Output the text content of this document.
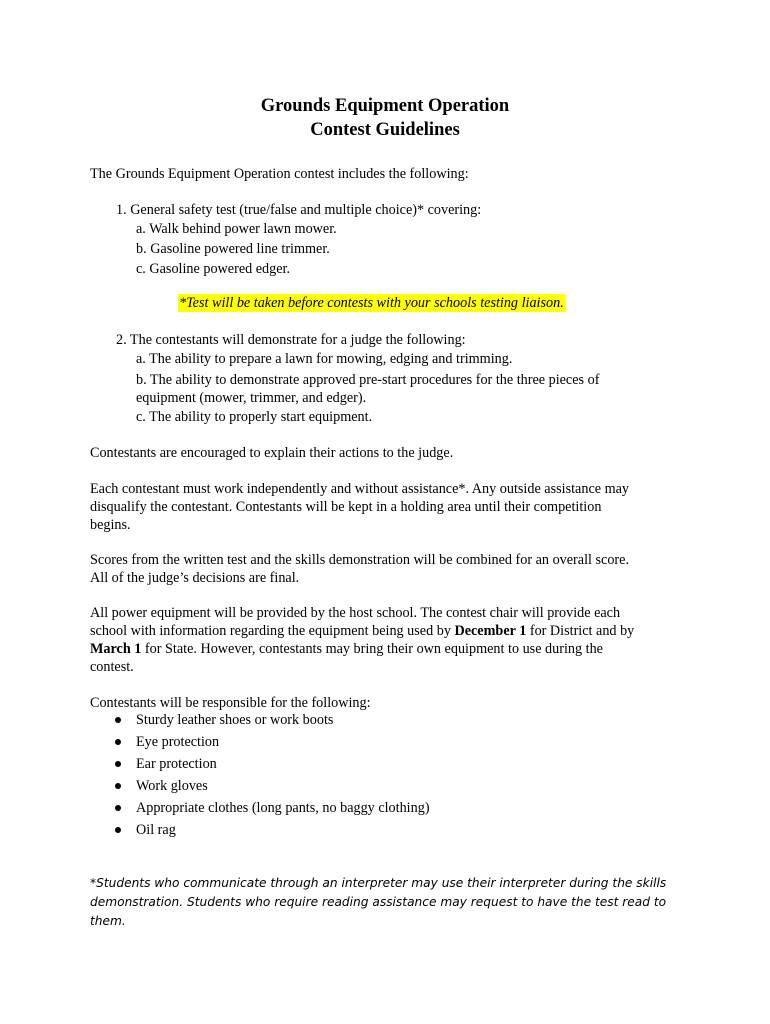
Grounds Equipment Operation
Contest Guidelines
The Grounds Equipment Operation contest includes the following:
1. General safety test (true/false and multiple choice)* covering:
a. Walk behind power lawn mower.
b. Gasoline powered line trimmer.
c. Gasoline powered edger.
*Test will be taken before contests with your schools testing liaison.
2. The contestants will demonstrate for a judge the following:
a. The ability to prepare a lawn for mowing, edging and trimming.
b. The ability to demonstrate approved pre-start procedures for the three pieces of
equipment (mower, trimmer, and edger).
c. The ability to properly start equipment.
Contestants are encouraged to explain their actions to the judge.
Each contestant must work independently and without assistance*. Any outside assistance may
disqualify the contestant. Contestants will be kept in a holding area until their competition
begins.
Scores from the written test and the skills demonstration will be combined for an overall score.
All of the judge’s decisions are final.
All power equipment will be provided by the host school. The contest chair will provide each
school with information regarding the equipment being used by December 1 for District and by
March 1 for State. However, contestants may bring their own equipment to use during the
contest.
Contestants will be responsible for the following:
Sturdy leather shoes or work boots
Eye protection
Ear protection
Work gloves
Appropriate clothes (long pants, no baggy clothing)
Oil rag
*Students who communicate through an interpreter may use their interpreter during the skills
demonstration. Students who require reading assistance may request to have the test read to
them.
